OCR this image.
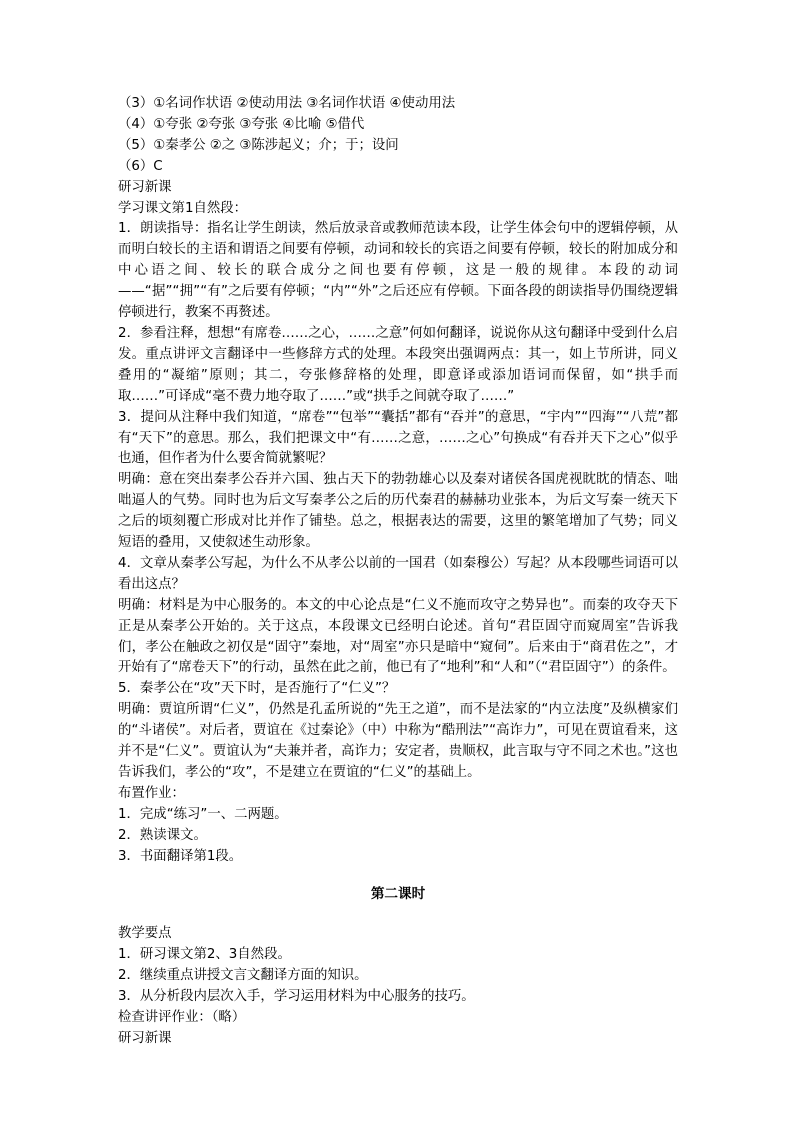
（3）①名词作状语 ②使动用法 ③名词作状语 ④使动用法

（4）①夸张 ②夸张 ③夸张 ④比喻 ⑤借代

（5）①秦孝公 ②之 ③陈涉起义；介；于；设问

（6）C

研习新课

学习课文第1自然段：

1．朗读指导：指名让学生朗读，然后放录音或教师范读本段，让学生体会句中的逻辑停顿，从而明白较长的主语和谓语之间要有停顿，动词和较长的宾语之间要有停顿，较长的附加成分和中心语之间、较长的联合成分之间也要有停顿，这是一般的规律。本段的动词——“据”“拥”“有”之后要有停顿；“内”“外”之后还应有停顿。下面各段的朗读指导仍围绕逻辑停顿进行，教案不再赘述。

2．参看注释，想想“有席卷……之心，……之意”何如何翻译，说说你从这句翻译中受到什么启发。重点讲评文言翻译中一些修辞方式的处理。本段突出强调两点：其一，如上节所讲，同义叠用的“凝缩”原则；其二，夸张修辞格的处理，即意译或添加语词而保留，如“拱手而取……”可译成“毫不费力地夺取了……”或“拱手之间就夺取了……”

3．提问从注释中我们知道，“席卷”“包举”“囊括”都有“吞并”的意思，“宇内”“四海”“八荒”都有“天下”的意思。那么，我们把课文中“有……之意，……之心”句换成“有吞并天下之心”似乎也通，但作者为什么要舍简就繁呢？

明确：意在突出秦孝公吞并六国、独占天下的勃勃雄心以及秦对诸侯各国虎视眈眈的情态、咄咄逼人的气势。同时也为后文写秦孝公之后的历代秦君的赫赫功业张本，为后文写秦一统天下之后的顷刻覆亡形成对比并作了铺垫。总之，根据表达的需要，这里的繁笔增加了气势；同义短语的叠用，又使叙述生动形象。

4．文章从秦孝公写起，为什么不从孝公以前的一国君（如秦穆公）写起？从本段哪些词语可以看出这点？

明确：材料是为中心服务的。本文的中心论点是“仁义不施而攻守之势异也”。而秦的攻夺天下正是从秦孝公开始的。关于这点，本段课文已经明白论述。首句“君臣固守而窥周室”告诉我们，孝公在触政之初仅是“固守”秦地，对“周室”亦只是暗中“窥伺”。后来由于“商君佐之”，才开始有了“席卷天下”的行动，虽然在此之前，他已有了“地利”和“人和”（“君臣固守”）的条件。

5．秦孝公在“攻”天下时，是否施行了“仁义”？

明确：贾谊所谓“仁义”，仍然是孔孟所说的“先王之道”，而不是法家的“内立法度”及纵横家们的“斗诸侯”。对后者，贾谊在《过秦论》（中）中称为“酷刑法”“高诈力”，可见在贾谊看来，这并不是“仁义”。贾谊认为“夫兼并者，高诈力；安定者，贵顺权，此言取与守不同之术也。”这也告诉我们，孝公的“攻”，不是建立在贾谊的“仁义”的基础上。

布置作业：

1．完成“练习”一、二两题。

2．熟读课文。

3．书面翻译第1段。

第二课时

教学要点

1．研习课文第2、3自然段。

2．继续重点讲授文言文翻译方面的知识。

3．从分析段内层次入手，学习运用材料为中心服务的技巧。

检查讲评作业：（略）

研习新课
